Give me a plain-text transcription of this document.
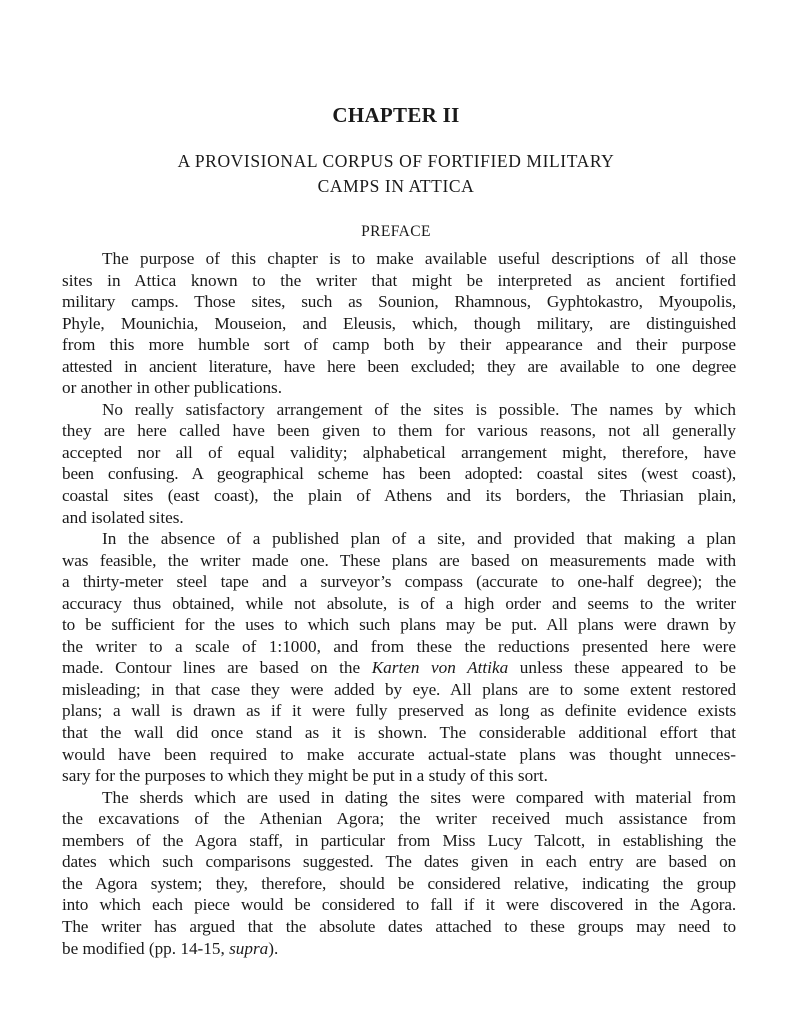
CHAPTER II
A PROVISIONAL CORPUS OF FORTIFIED MILITARY
CAMPS IN ATTICA
PREFACE

The purpose of this chapter is to make available useful descriptions of all those
sites in Attica known to the writer that might be interpreted as ancient fortified
military camps. Those sites, such as Sounion, Rhamnous, Gyphtokastro, Myoupolis,
Phyle, Mounichia, Mouseion, and Eleusis, which, though military, are distinguished
from this more humble sort of camp both by their appearance and their purpose
attested in ancient literature, have here been excluded; they are available to one degree
or another in other publications.

No really satisfactory arrangement of the sites is possible. The names by which
they are here called have been given to them for various reasons, not all generally
accepted nor all of equal validity; alphabetical arrangement might, therefore, have
been confusing. A geographical scheme has been adopted: coastal sites (west coast),
coastal sites (east coast), the plain of Athens and its borders, the Thriasian plain,
and isolated sites.

In the absence of a published plan of a site, and provided that making a plan
was feasible, the writer made one. These plans are based on measurements made with
a thirty-meter steel tape and a surveyor’s compass (accurate to one-half degree); the
accuracy thus obtained, while not absolute, is of a high order and seems to the writer
to be sufficient for the uses to which such plans may be put. All plans were drawn by
the writer to a scale of 1:1000, and from these the reductions presented here were
made. Contour lines are based on the Karten von Attika unless these appeared to be
misleading; in that case they were added by eye. All plans are to some extent restored
plans; a wall is drawn as if it were fully preserved as long as definite evidence exists
that the wall did once stand as it is shown. The considerable additional effort that
would have been required to make accurate actual-state plans was thought unneces-
sary for the purposes to which they might be put in a study of this sort.

The sherds which are used in dating the sites were compared with material from
the excavations of the Athenian Agora; the writer received much assistance from
members of the Agora staff, in particular from Miss Lucy Talcott, in establishing the
dates which such comparisons suggested. The dates given in each entry are based on
the Agora system; they, therefore, should be considered relative, indicating the group
into which each piece would be considered to fall if it were discovered in the Agora.
The writer has argued that the absolute dates attached to these groups may need to
be modified (pp. 14-15, supra).
